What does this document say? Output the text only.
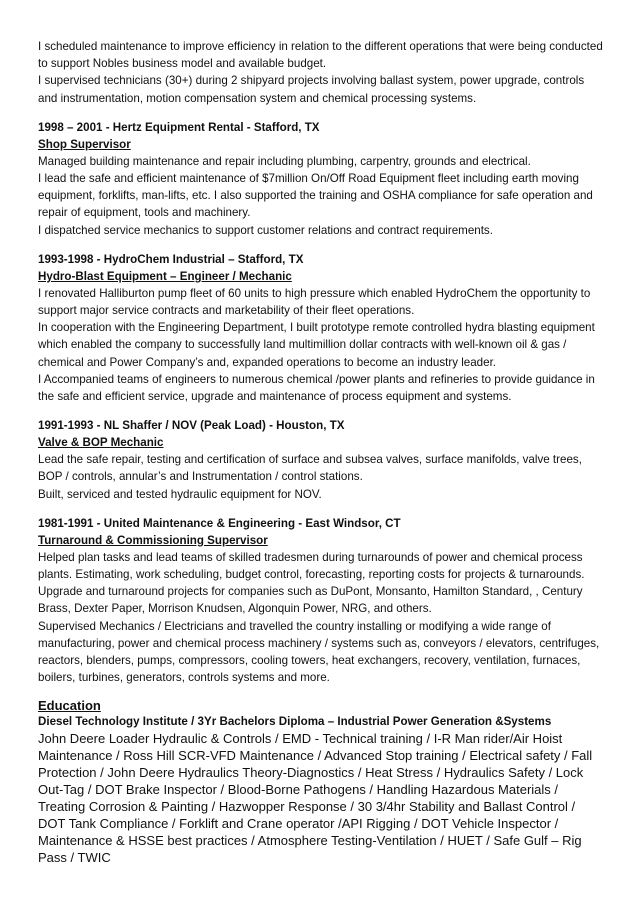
I scheduled maintenance to improve efficiency in relation to the different operations that were being conducted to support Nobles business model and available budget.

I supervised technicians (30+) during 2 shipyard projects involving ballast system, power upgrade, controls and instrumentation, motion compensation system and chemical processing systems.

1998 – 2001 - Hertz Equipment Rental - Stafford, TX

Shop Supervisor

Managed building maintenance and repair including plumbing, carpentry, grounds and electrical.

I lead the safe and efficient maintenance of $7million On/Off Road Equipment fleet including earth moving equipment, forklifts, man-lifts, etc. I also supported the training and OSHA compliance for safe operation and repair of equipment, tools and machinery.

I dispatched service mechanics to support customer relations and contract requirements.

1993-1998 - HydroChem Industrial – Stafford, TX

Hydro-Blast Equipment – Engineer / Mechanic

I renovated Halliburton pump fleet of 60 units to high pressure which enabled HydroChem the opportunity to support major service contracts and marketability of their fleet operations.

In cooperation with the Engineering Department, I built prototype remote controlled hydra blasting equipment which enabled the company to successfully land multimillion dollar contracts with well-known oil & gas / chemical and Power Company’s and, expanded operations to become an industry leader.

I Accompanied teams of engineers to numerous chemical /power plants and refineries to provide guidance in the safe and efficient service, upgrade and maintenance of process equipment and systems.

1991-1993 - NL Shaffer / NOV (Peak Load) - Houston, TX

Valve & BOP Mechanic

Lead the safe repair, testing and certification of surface and subsea valves, surface manifolds, valve trees, BOP / controls, annular’s and Instrumentation / control stations.

Built, serviced and tested hydraulic equipment for NOV.

1981-1991 - United Maintenance & Engineering - East Windsor, CT

Turnaround & Commissioning Supervisor

Helped plan tasks and lead teams of skilled tradesmen during turnarounds of power and chemical process plants. Estimating, work scheduling, budget control, forecasting, reporting costs for projects & turnarounds. Upgrade and turnaround projects for companies such as DuPont, Monsanto, Hamilton Standard, , Century Brass, Dexter Paper, Morrison Knudsen, Algonquin Power, NRG, and others.

Supervised Mechanics / Electricians and travelled the country installing or modifying a wide range of manufacturing, power and chemical process machinery / systems such as, conveyors / elevators, centrifuges, reactors, blenders, pumps, compressors, cooling towers, heat exchangers, recovery, ventilation, furnaces, boilers, turbines, generators, controls systems and more.

Education

Diesel Technology Institute / 3Yr Bachelors Diploma – Industrial Power Generation &Systems

John Deere Loader Hydraulic & Controls / EMD - Technical training / I-R Man rider/Air Hoist Maintenance / Ross Hill SCR-VFD Maintenance / Advanced Stop training / Electrical safety / Fall Protection / John Deere Hydraulics Theory-Diagnostics / Heat Stress / Hydraulics Safety / Lock Out-Tag / DOT Brake Inspector / Blood-Borne Pathogens / Handling Hazardous Materials / Treating Corrosion & Painting / Hazwopper Response / 30 3/4hr Stability and Ballast Control / DOT Tank Compliance / Forklift and Crane operator /API Rigging / DOT Vehicle Inspector / Maintenance & HSSE best practices / Atmosphere Testing-Ventilation / HUET / Safe Gulf – Rig Pass / TWIC
